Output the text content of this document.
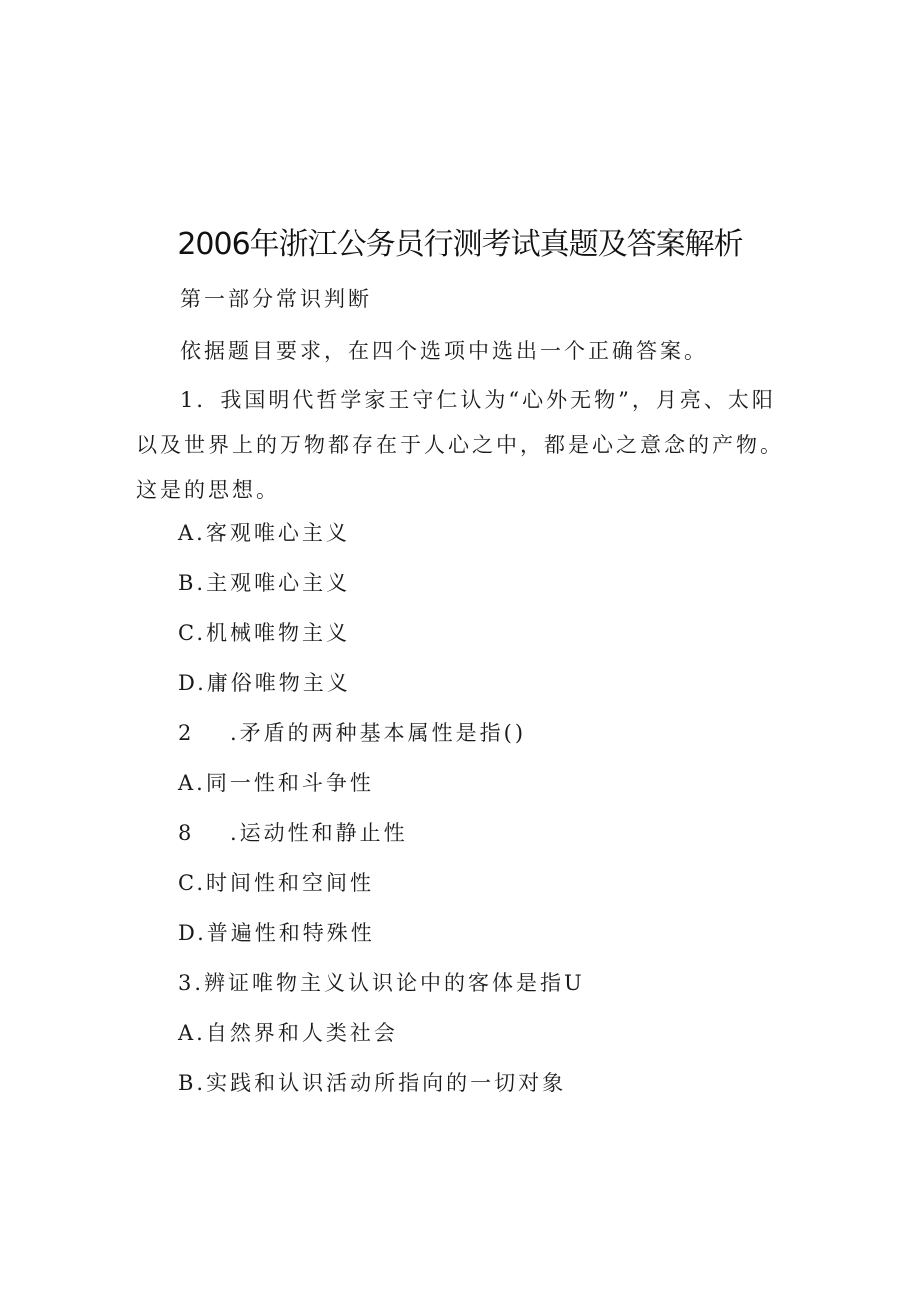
2006年浙江公务员行测考试真题及答案解析
第一部分常识判断
依据题目要求，在四个选项中选出一个正确答案。
1．我国明代哲学家王守仁认为“心外无物”，月亮、太阳以及世界上的万物都存在于人心之中，都是心之意念的产物。这是的思想。
A.客观唯心主义
B.主观唯心主义
C.机械唯物主义
D.庸俗唯物主义
2 .矛盾的两种基本属性是指()
A.同一性和斗争性
8 .运动性和静止性
C.时间性和空间性
D.普遍性和特殊性
3.辨证唯物主义认识论中的客体是指U
A.自然界和人类社会
B.实践和认识活动所指向的一切对象
